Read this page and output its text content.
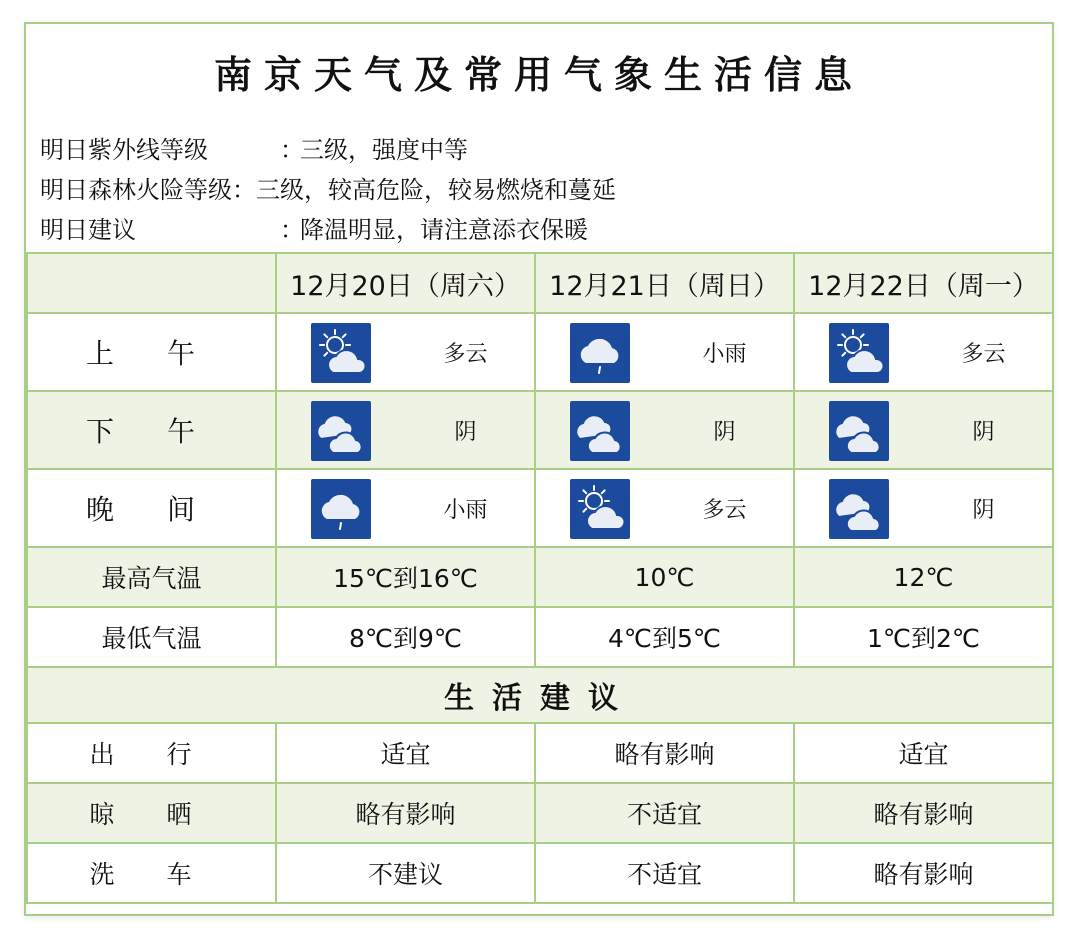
南京天气及常用气象生活信息
明日紫外线等级	：三级，强度中等
明日森林火险等级：三级，较高危险，较易燃烧和蔓延
明日建议	：降温明显，请注意添衣保暖
	12月20日（周六）	12月21日（周日）	12月22日（周一）
上 午	多云	小雨	多云

下 午	阴	阴	阴

晚 间	小雨	多云	阴

最高气温	15℃到16℃	10℃	12℃
最低气温	8℃到9℃	4℃到5℃	1℃到2℃
生活建议			
出 行	适宜	略有影响	适宜
晾 晒	略有影响	不适宜	略有影响
洗 车	不建议	不适宜	略有影响
